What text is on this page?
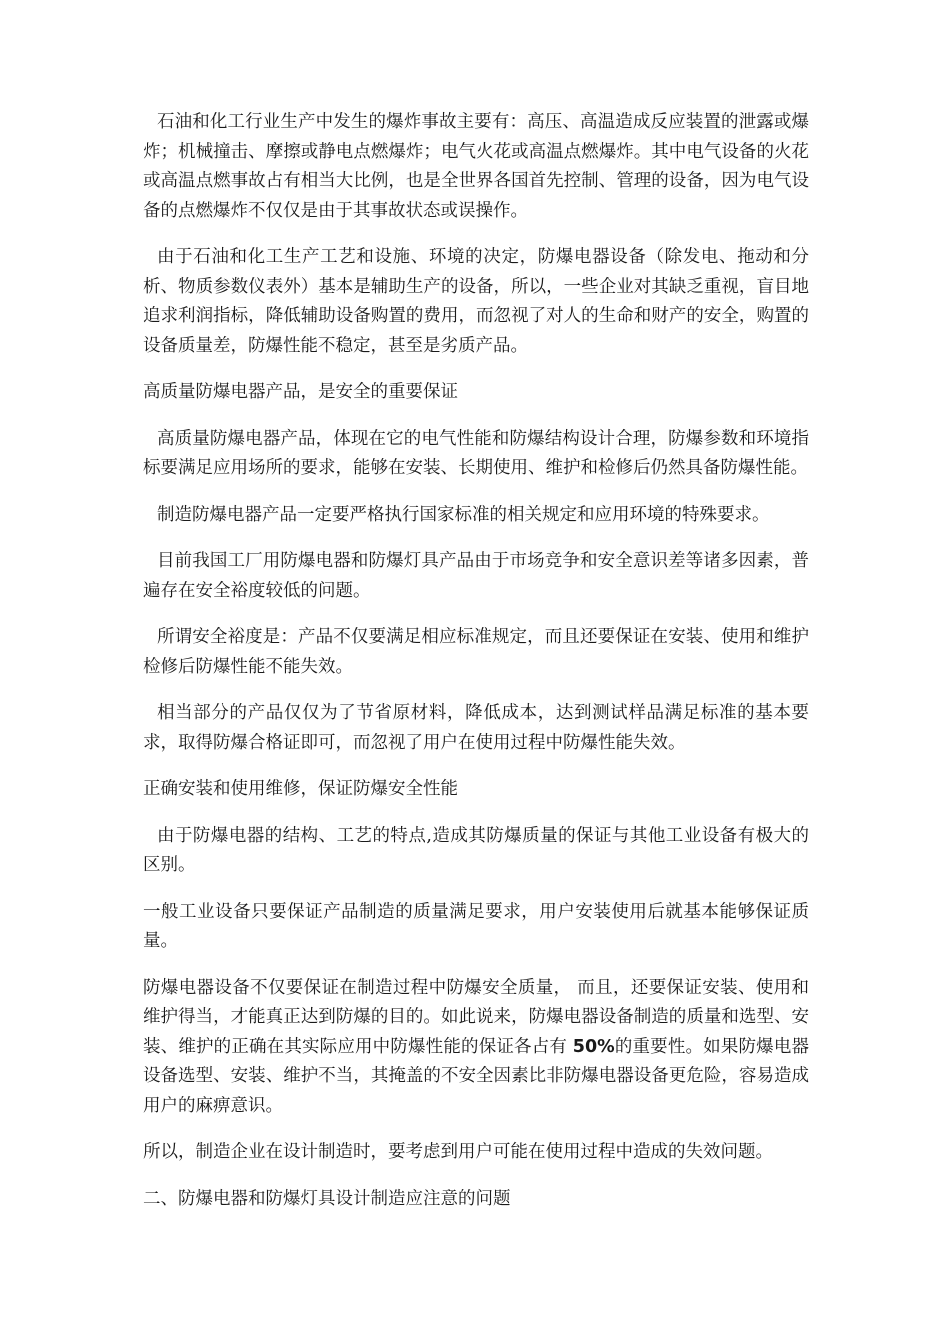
石油和化工行业生产中发生的爆炸事故主要有：高压、高温造成反应装置的泄露或爆炸；机械撞击、摩擦或静电点燃爆炸；电气火花或高温点燃爆炸。其中电气设备的火花或高温点燃事故占有相当大比例，也是全世界各国首先控制、管理的设备，因为电气设备的点燃爆炸不仅仅是由于其事故状态或误操作。

由于石油和化工生产工艺和设施、环境的决定，防爆电器设备（除发电、拖动和分析、物质参数仪表外）基本是辅助生产的设备，所以，一些企业对其缺乏重视，盲目地追求利润指标，降低辅助设备购置的费用，而忽视了对人的生命和财产的安全，购置的设备质量差，防爆性能不稳定，甚至是劣质产品。

高质量防爆电器产品，是安全的重要保证

高质量防爆电器产品，体现在它的电气性能和防爆结构设计合理，防爆参数和环境指标要满足应用场所的要求，能够在安装、长期使用、维护和检修后仍然具备防爆性能。

制造防爆电器产品一定要严格执行国家标准的相关规定和应用环境的特殊要求。

目前我国工厂用防爆电器和防爆灯具产品由于市场竞争和安全意识差等诸多因素，普遍存在安全裕度较低的问题。

所谓安全裕度是：产品不仅要满足相应标准规定，而且还要保证在安装、使用和维护检修后防爆性能不能失效。

相当部分的产品仅仅为了节省原材料，降低成本，达到测试样品满足标准的基本要求，取得防爆合格证即可，而忽视了用户在使用过程中防爆性能失效。

正确安装和使用维修，保证防爆安全性能

由于防爆电器的结构、工艺的特点,造成其防爆质量的保证与其他工业设备有极大的区别。

一般工业设备只要保证产品制造的质量满足要求，用户安装使用后就基本能够保证质量。

防爆电器设备不仅要保证在制造过程中防爆安全质量， 而且，还要保证安装、使用和维护得当，才能真正达到防爆的目的。如此说来，防爆电器设备制造的质量和选型、安装、维护的正确在其实际应用中防爆性能的保证各占有 50%的重要性。如果防爆电器设备选型、安装、维护不当，其掩盖的不安全因素比非防爆电器设备更危险，容易造成用户的麻痹意识。

所以，制造企业在设计制造时，要考虑到用户可能在使用过程中造成的失效问题。

二、防爆电器和防爆灯具设计制造应注意的问题
